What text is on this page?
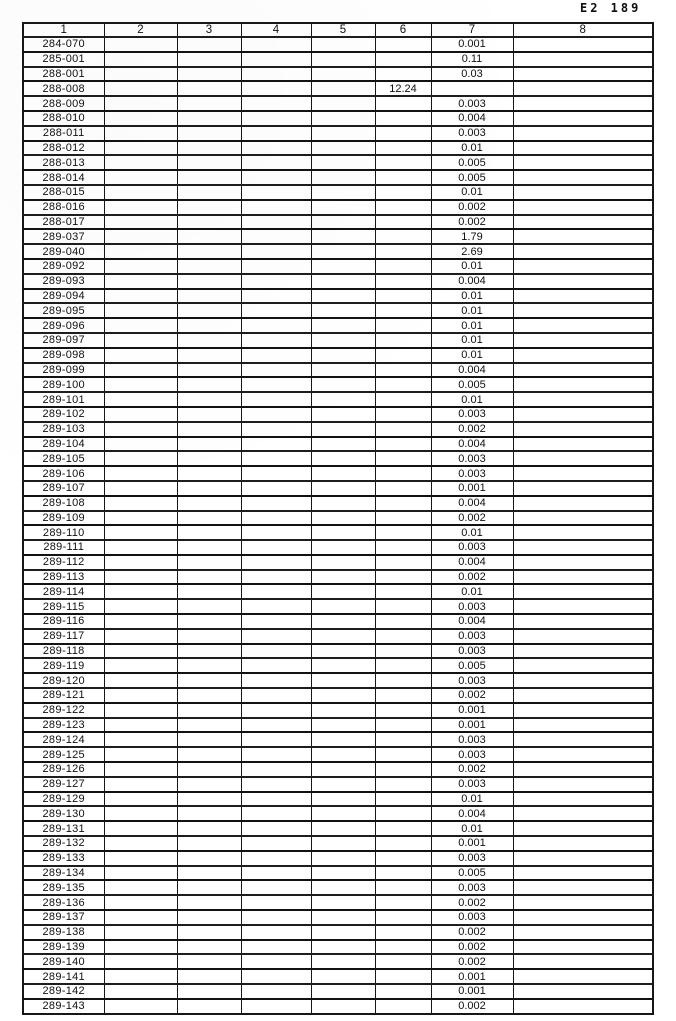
E2 189
1	2	3	4	5	6	7	8
284-070						0.001	
285-001						0.11	
288-001						0.03	
288-008					12.24		
288-009						0.003	
288-010						0.004	
288-011						0.003	
288-012						0.01	
288-013						0.005	
288-014						0.005	
288-015						0.01	
288-016						0.002	
288-017						0.002	
289-037						1.79	
289-040						2.69	
289-092						0.01	
289-093						0.004	
289-094						0.01	
289-095						0.01	
289-096						0.01	
289-097						0.01	
289-098						0.01	
289-099						0.004	
289-100						0.005	
289-101						0.01	
289-102						0.003	
289-103						0.002	
289-104						0.004	
289-105						0.003	
289-106						0.003	
289-107						0.001	
289-108						0.004	
289-109						0.002	
289-110						0.01	
289-111						0.003	
289-112						0.004	
289-113						0.002	
289-114						0.01	
289-115						0.003	
289-116						0.004	
289-117						0.003	
289-118						0.003	
289-119						0.005	
289-120						0.003	
289-121						0.002	
289-122						0.001	
289-123						0.001	
289-124						0.003	
289-125						0.003	
289-126						0.002	
289-127						0.003	
289-129						0.01	
289-130						0.004	
289-131						0.01	
289-132						0.001	
289-133						0.003	
289-134						0.005	
289-135						0.003	
289-136						0.002	
289-137						0.003	
289-138						0.002	
289-139						0.002	
289-140						0.002	
289-141						0.001	
289-142						0.001	
289-143						0.002	
